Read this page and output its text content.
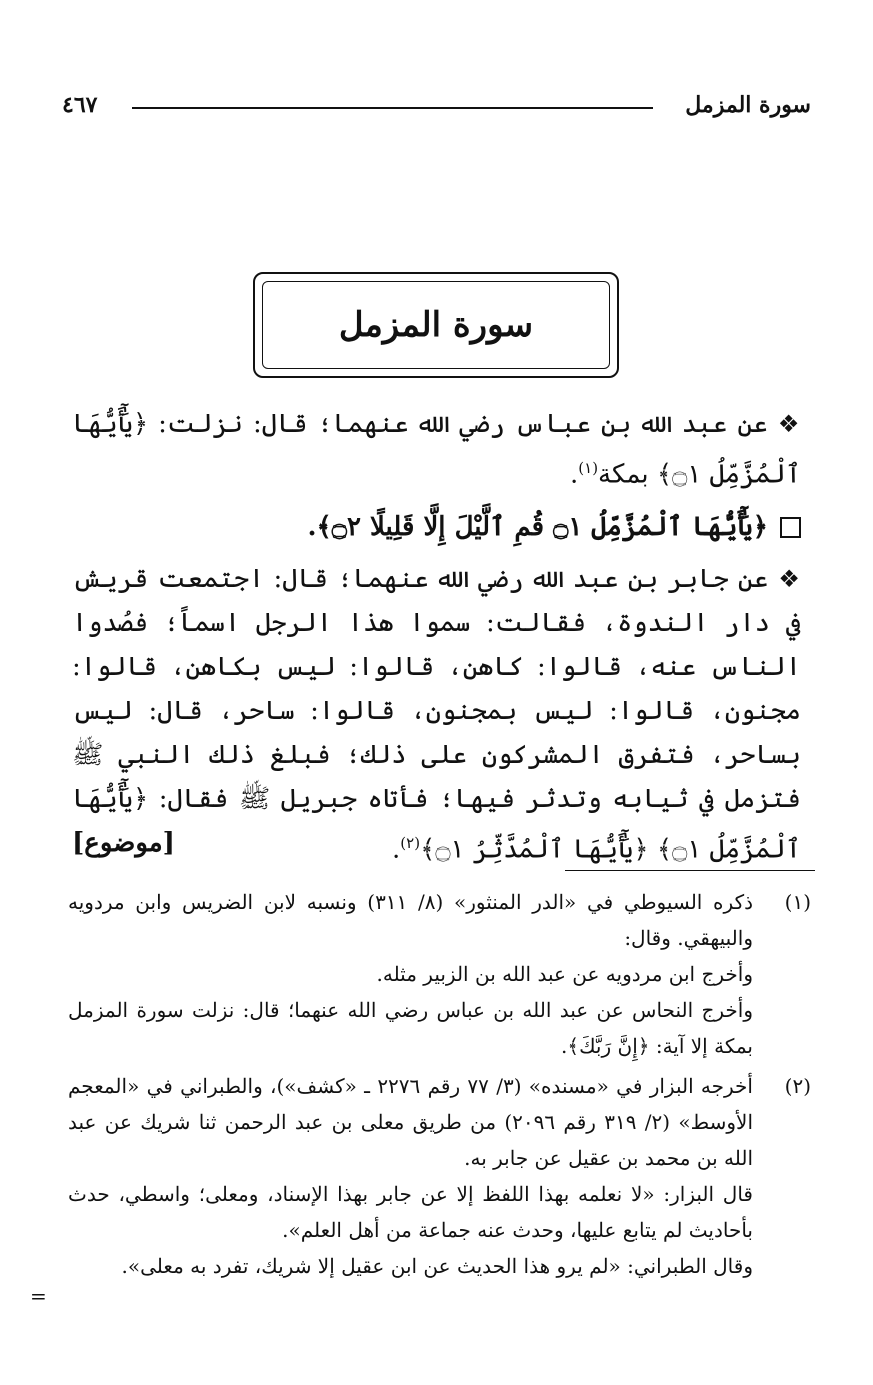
سورة المزمل
٤٦٧
سورة المزمل

❖عن عبد الله بن عباس رضي الله عنهما؛ قال: نزلت: ﴿يَٰٓأَيُّهَا ٱلْمُزَّمِّلُ ۝١﴾ بمكة$^{(١)}$.

﴿يَٰٓأَيُّهَا ٱلْمُزَّمِّلُ ۝١ قُمِ ٱلَّيْلَ إِلَّا قَلِيلًا ۝٢﴾.

❖عن جابر بن عبد الله رضي الله عنهما؛ قال: اجتمعت قريش في دار الندوة، فقالت: سموا هذا الرجل اسماً؛ فصُدوا الناس عنه، قالوا: كاهن، قالوا: ليس بكاهن، قالوا: مجنون، قالوا: ليس بمجنون، قالوا: ساحر، قال: ليس بساحر، فتفرق المشركون على ذلك؛ فبلغ ذلك النبي ﷺ فتزمل في ثيابه وتدثر فيها؛ فأتاه جبريل ﷺ فقال: ﴿يَٰٓأَيُّهَا ٱلْمُزَّمِّلُ ۝١﴾ ﴿يَٰٓأَيُّهَا ٱلْمُدَّثِّرُ ۝١﴾$^{(٢)}$.
[موضوع]

(١)
ذكره السيوطي في «الدر المنثور» (٨/ ٣١١) ونسبه لابن الضريس وابن مردويه والبيهقي. وقال:
وأخرج ابن مردويه عن عبد الله بن الزبير مثله.
وأخرج النحاس عن عبد الله بن عباس رضي الله عنهما؛ قال: نزلت سورة المزمل بمكة إلا آية: ﴿إِنَّ رَبَّكَ﴾.
(٢)
أخرجه البزار في «مسنده» (٣/ ٧٧ رقم ٢٢٧٦ ـ «كشف»)، والطبراني في «المعجم الأوسط» (٢/ ٣١٩ رقم ٢٠٩٦) من طريق معلى بن عبد الرحمن ثنا شريك عن عبد الله بن محمد بن عقيل عن جابر به.
قال البزار: «لا نعلمه بهذا اللفظ إلا عن جابر بهذا الإسناد، ومعلى؛ واسطي، حدث بأحاديث لم يتابع عليها، وحدث عنه جماعة من أهل العلم».
وقال الطبراني: «لم يرو هذا الحديث عن ابن عقيل إلا شريك، تفرد به معلى».
=
